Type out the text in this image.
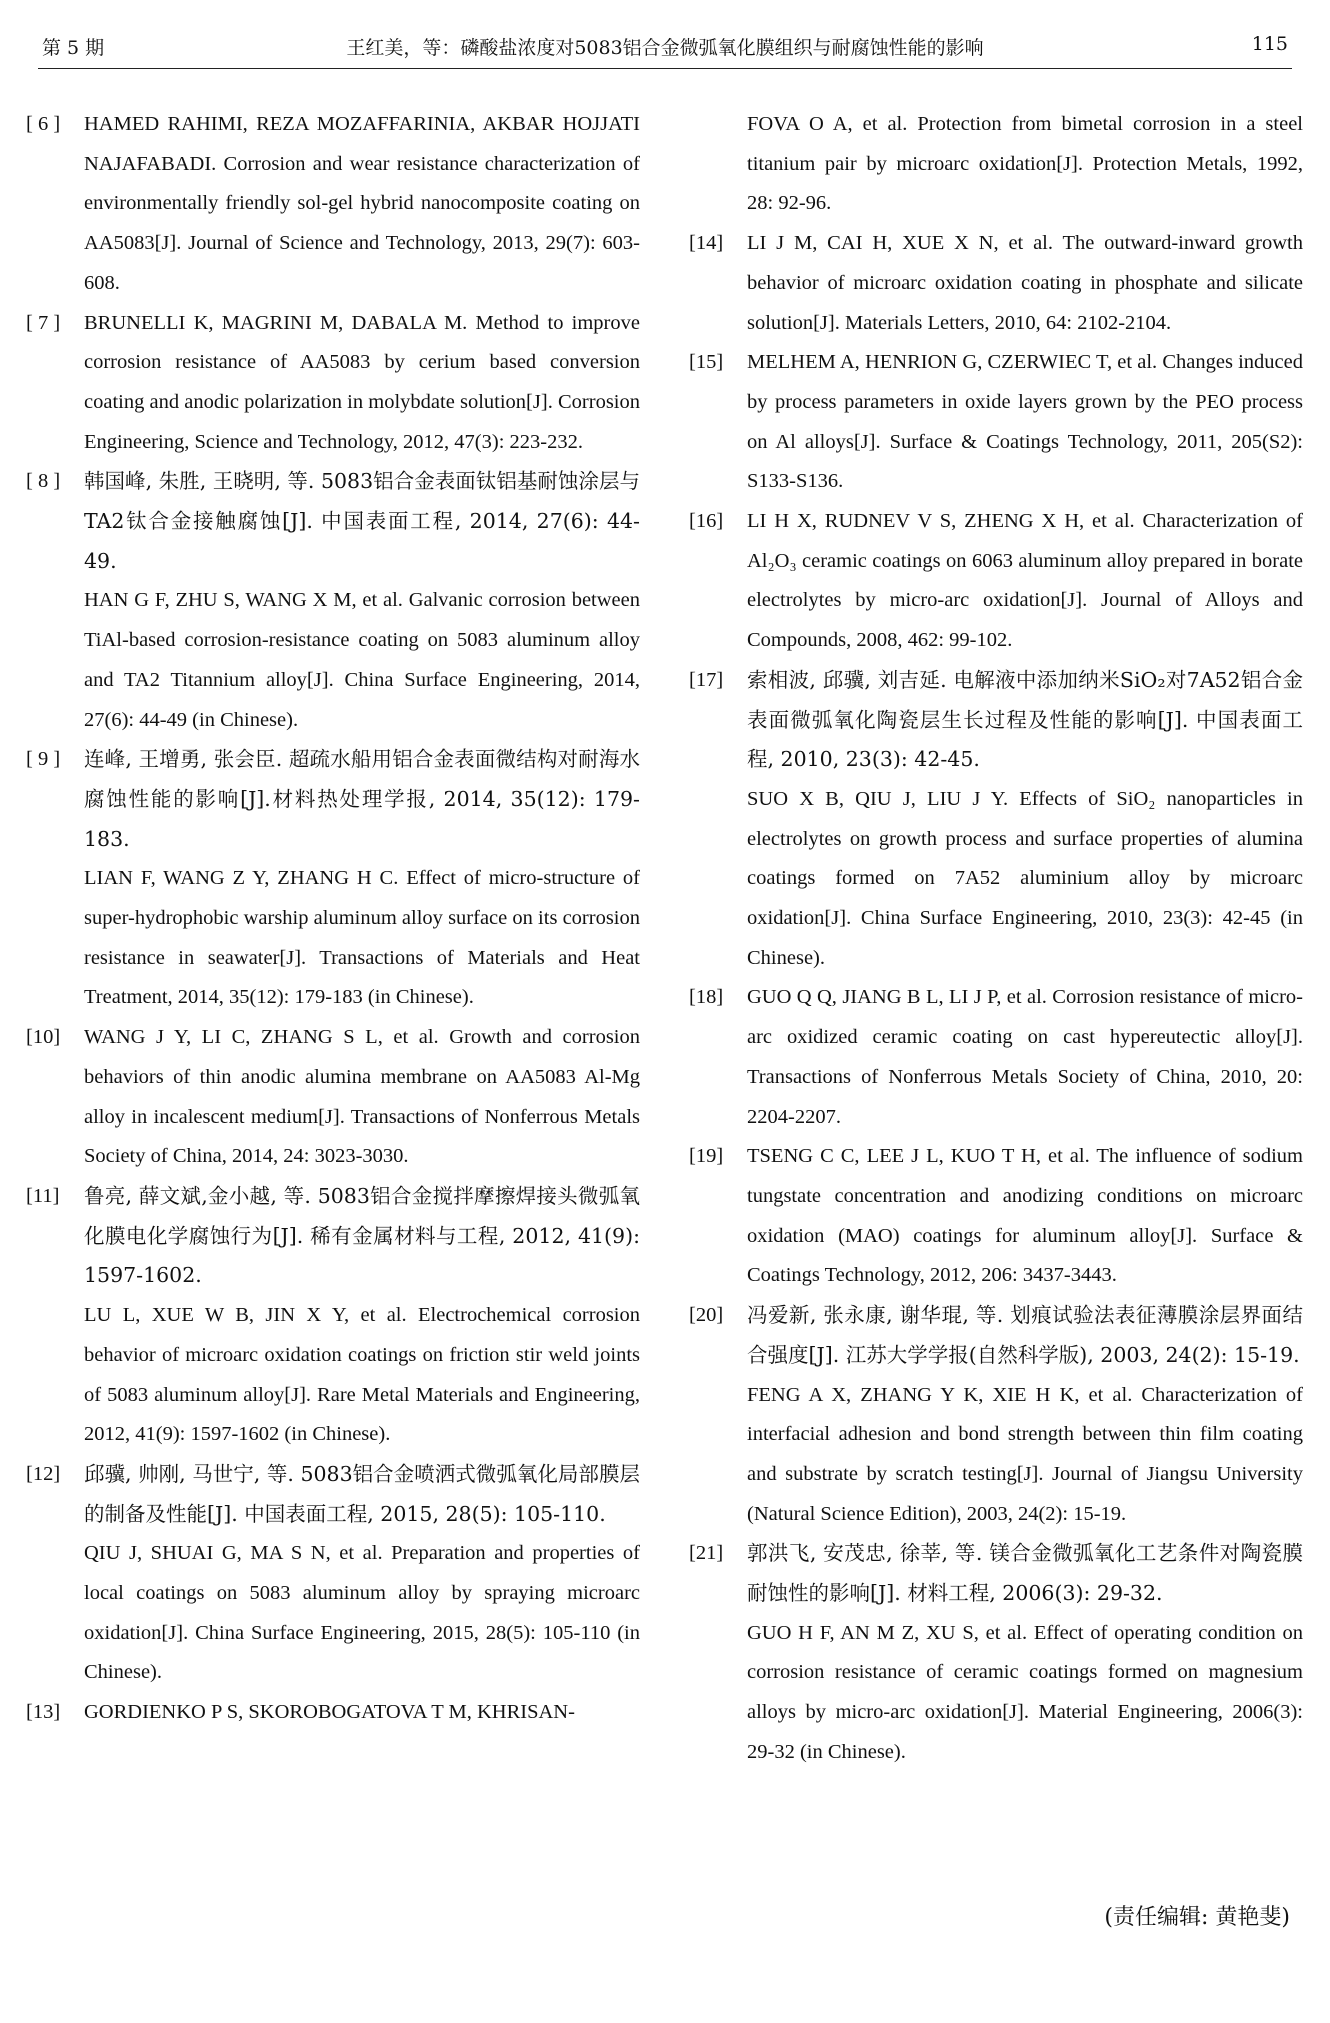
第 5 期	王红美，等：磷酸盐浓度对5083铝合金微弧氧化膜组织与耐腐蚀性能的影响	115
[ 6 ]	HAMED RAHIMI, REZA MOZAFFARINIA, AKBAR HOJJATI NAJAFABADI. Corrosion and wear resistance characterization of environmentally friendly sol-gel hybrid nanocomposite coating on AA5083[J]. Journal of Science and Technology, 2013, 29(7): 603-608.

[ 7 ]	BRUNELLI K, MAGRINI M, DABALA M. Method to improve corrosion resistance of AA5083 by cerium based conversion coating and anodic polarization in molybdate solution[J]. Corrosion Engineering, Science and Technology, 2012, 47(3): 223-232.

[ 8 ]	韩国峰, 朱胜, 王晓明, 等. 5083铝合金表面钛铝基耐蚀涂层与TA2钛合金接触腐蚀[J]. 中国表面工程, 2014, 27(6): 44-49.

HAN G F, ZHU S, WANG X M, et al. Galvanic corrosion between TiAl-based corrosion-resistance coating on 5083 aluminum alloy and TA2 Titannium alloy[J]. China Surface Engineering, 2014, 27(6): 44-49 (in Chinese).

[ 9 ]	连峰, 王增勇, 张会臣. 超疏水船用铝合金表面微结构对耐海水腐蚀性能的影响[J].材料热处理学报, 2014, 35(12): 179-183.

LIAN F, WANG Z Y, ZHANG H C. Effect of micro-structure of super-hydrophobic warship aluminum alloy surface on its corrosion resistance in seawater[J]. Transactions of Materials and Heat Treatment, 2014, 35(12): 179-183 (in Chinese).

[10]	WANG J Y, LI C, ZHANG S L, et al. Growth and corrosion behaviors of thin anodic alumina membrane on AA5083 Al-Mg alloy in incalescent medium[J]. Transactions of Nonferrous Metals Society of China, 2014, 24: 3023-3030.

[11]	鲁亮, 薛文斌,金小越, 等. 5083铝合金搅拌摩擦焊接头微弧氧化膜电化学腐蚀行为[J]. 稀有金属材料与工程, 2012, 41(9): 1597-1602.

LU L, XUE W B, JIN X Y, et al. Electrochemical corrosion behavior of microarc oxidation coatings on friction stir weld joints of 5083 aluminum alloy[J]. Rare Metal Materials and Engineering, 2012, 41(9): 1597-1602 (in Chinese).

[12]	邱骥, 帅刚, 马世宁, 等. 5083铝合金喷洒式微弧氧化局部膜层的制备及性能[J]. 中国表面工程, 2015, 28(5): 105-110.

QIU J, SHUAI G, MA S N, et al. Preparation and properties of local coatings on 5083 aluminum alloy by spraying microarc oxidation[J]. China Surface Engineering, 2015, 28(5): 105-110 (in Chinese).

[13]	GORDIENKO P S, SKOROBOGATOVA T M, KHRISAN-

FOVA O A, et al. Protection from bimetal corrosion in a steel titanium pair by microarc oxidation[J]. Protection Metals, 1992, 28: 92-96.

[14]	LI J M, CAI H, XUE X N, et al. The outward-inward growth behavior of microarc oxidation coating in phosphate and silicate solution[J]. Materials Letters, 2010, 64: 2102-2104.

[15]	MELHEM A, HENRION G, CZERWIEC T, et al. Changes induced by process parameters in oxide layers grown by the PEO process on Al alloys[J]. Surface & Coatings Technology, 2011, 205(S2): S133-S136.

[16]	LI H X, RUDNEV V S, ZHENG X H, et al. Characterization of Al₂O₃ ceramic coatings on 6063 aluminum alloy prepared in borate electrolytes by micro-arc oxidation[J]. Journal of Alloys and Compounds, 2008, 462: 99-102.

[17]	索相波, 邱骥, 刘吉延. 电解液中添加纳米SiO₂对7A52铝合金表面微弧氧化陶瓷层生长过程及性能的影响[J]. 中国表面工程, 2010, 23(3): 42-45.

SUO X B, QIU J, LIU J Y. Effects of SiO₂ nanoparticles in electrolytes on growth process and surface properties of alumina coatings formed on 7A52 aluminium alloy by microarc oxidation[J]. China Surface Engineering, 2010, 23(3): 42-45 (in Chinese).

[18]	GUO Q Q, JIANG B L, LI J P, et al. Corrosion resistance of micro-arc oxidized ceramic coating on cast hypereutectic alloy[J]. Transactions of Nonferrous Metals Society of China, 2010, 20: 2204-2207.

[19]	TSENG C C, LEE J L, KUO T H, et al. The influence of sodium tungstate concentration and anodizing conditions on microarc oxidation (MAO) coatings for aluminum alloy[J]. Surface & Coatings Technology, 2012, 206: 3437-3443.

[20]	冯爱新, 张永康, 谢华琨, 等. 划痕试验法表征薄膜涂层界面结合强度[J]. 江苏大学学报(自然科学版), 2003, 24(2): 15-19.

FENG A X, ZHANG Y K, XIE H K, et al. Characterization of interfacial adhesion and bond strength between thin film coating and substrate by scratch testing[J]. Journal of Jiangsu University (Natural Science Edition), 2003, 24(2): 15-19.

[21]	郭洪飞, 安茂忠, 徐莘, 等. 镁合金微弧氧化工艺条件对陶瓷膜耐蚀性的影响[J]. 材料工程, 2006(3): 29-32.

GUO H F, AN M Z, XU S, et al. Effect of operating condition on corrosion resistance of ceramic coatings formed on magnesium alloys by micro-arc oxidation[J]. Material Engineering, 2006(3): 29-32 (in Chinese).

(责任编辑: 黄艳斐)
